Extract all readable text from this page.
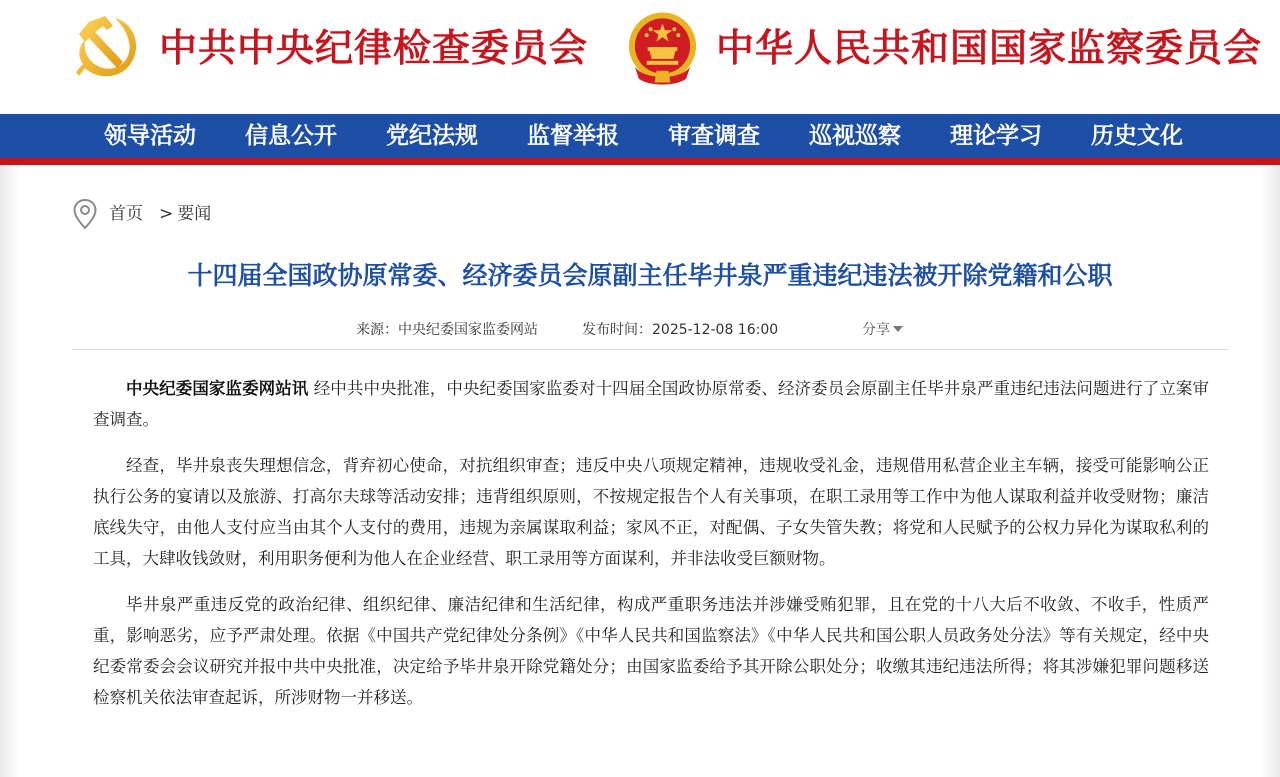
中共中央纪律检查委员会	中华人民共和国国家监察委员会
领导活动	信息公开	党纪法规	监督举报	审查调查	巡视巡察	理论学习	历史文化
首页 > 要闻
十四届全国政协原常委、经济委员会原副主任毕井泉严重违纪违法被开除党籍和公职
来源：中央纪委国家监委网站	发布时间：2025-12-08 16:00	分享

中央纪委国家监委网站讯 经中共中央批准，中央纪委国家监委对十四届全国政协原常委、经济委员会原副主任毕井泉严重违纪违法问题进行了立案审查调查。

经查，毕井泉丧失理想信念，背弃初心使命，对抗组织审查；违反中央八项规定精神，违规收受礼金，违规借用私营企业主车辆，接受可能影响公正执行公务的宴请以及旅游、打高尔夫球等活动安排；违背组织原则，不按规定报告个人有关事项，在职工录用等工作中为他人谋取利益并收受财物；廉洁底线失守，由他人支付应当由其个人支付的费用，违规为亲属谋取利益；家风不正，对配偶、子女失管失教；将党和人民赋予的公权力异化为谋取私利的工具，大肆收钱敛财，利用职务便利为他人在企业经营、职工录用等方面谋利，并非法收受巨额财物。

毕井泉严重违反党的政治纪律、组织纪律、廉洁纪律和生活纪律，构成严重职务违法并涉嫌受贿犯罪，且在党的十八大后不收敛、不收手，性质严重，影响恶劣，应予严肃处理。依据《中国共产党纪律处分条例》《中华人民共和国监察法》《中华人民共和国公职人员政务处分法》等有关规定，经中央纪委常委会会议研究并报中共中央批准，决定给予毕井泉开除党籍处分；由国家监委给予其开除公职处分；收缴其违纪违法所得；将其涉嫌犯罪问题移送检察机关依法审查起诉，所涉财物一并移送。
